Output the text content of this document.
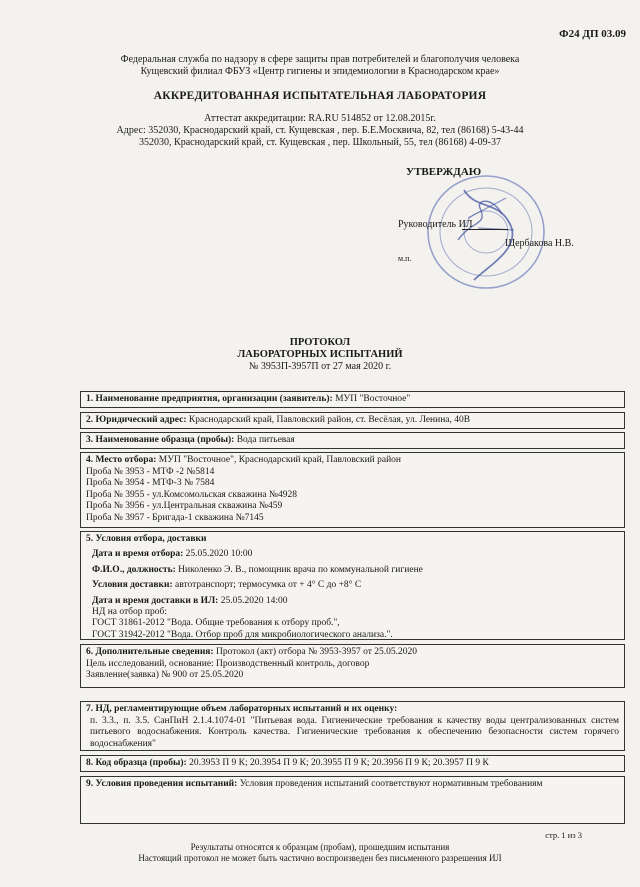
Ф24 ДП 03.09
Федеральная служба по надзору в сфере защиты прав потребителей и благополучия человека
Кущевский филиал ФБУЗ «Центр гигиены и эпидемиологии в Краснодарском крае»
АККРЕДИТОВАННАЯ ИСПЫТАТЕЛЬНАЯ ЛАБОРАТОРИЯ
Аттестат аккредитации: RA.RU 514852 от 12.08.2015г.
Адрес: 352030, Краснодарский край, ст. Кущевская , пер. Б.Е.Москвича, 82, тел (86168) 5-43-44
352030, Краснодарский край, ст. Кущевская , пер. Школьный, 55, тел (86168) 4-09-37
УТВЕРЖДАЮ
Руководитель ИЛ
Щербакова Н.В.
м.п.
ПРОТОКОЛ
ЛАБОРАТОРНЫХ ИСПЫТАНИЙ
№ 3953П-3957П от 27 мая 2020 г.
1. Наименование предприятия, организации (заявитель): МУП "Восточное"
2. Юридический адрес: Краснодарский край, Павловский район, ст. Весёлая, ул. Ленина, 40В
3. Наименование образца (пробы): Вода питьевая
4. Место отбора: МУП "Восточное", Краснодарский край, Павловский район
Проба № 3953 - МТФ -2 №5814
Проба № 3954 - МТФ-3 № 7584
Проба № 3955 - ул.Комсомольская скважина №4928
Проба № 3956 - ул.Центральная скважина №459
Проба № 3957 - Бригада-1 скважина №7145
5. Условия отбора, доставки
Дата и время отбора: 25.05.2020 10:00
Ф.И.О., должность: Николенко Э. В., помощник врача по коммунальной гигиене
Условия доставки: автотранспорт; термосумка от + 4° С до +8° С
Дата и время доставки в ИЛ: 25.05.2020 14:00
НД на отбор проб:
ГОСТ 31861-2012 "Вода. Общие требования к отбору проб.",
ГОСТ 31942-2012 "Вода. Отбор проб для микробиологического анализа.".
6. Дополнительные сведения: Протокол (акт) отбора № 3953-3957 от 25.05.2020
Цель исследований, основание: Производственный контроль, договор
Заявление(заявка) № 900 от 25.05.2020
7. НД, регламентирующие объем лабораторных испытаний и их оценку:
п. 3.3., п. 3.5. СанПиН 2.1.4.1074-01 "Питьевая вода. Гигиенические требования к качеству воды централизованных систем питьевого водоснабжения. Контроль качества. Гигиенические требования к обеспечению безопасности систем горячего водоснабжения"
8. Код образца (пробы): 20.3953 П 9 К; 20.3954 П 9 К; 20.3955 П 9 К; 20.3956 П 9 К; 20.3957 П 9 К
9. Условия проведения испытаний: Условия проведения испытаний соответствуют нормативным требованиям
стр. 1 из 3
Результаты относятся к образцам (пробам), прошедшим испытания
Настоящий протокол не может быть частично воспроизведен без письменного разрешения ИЛ
